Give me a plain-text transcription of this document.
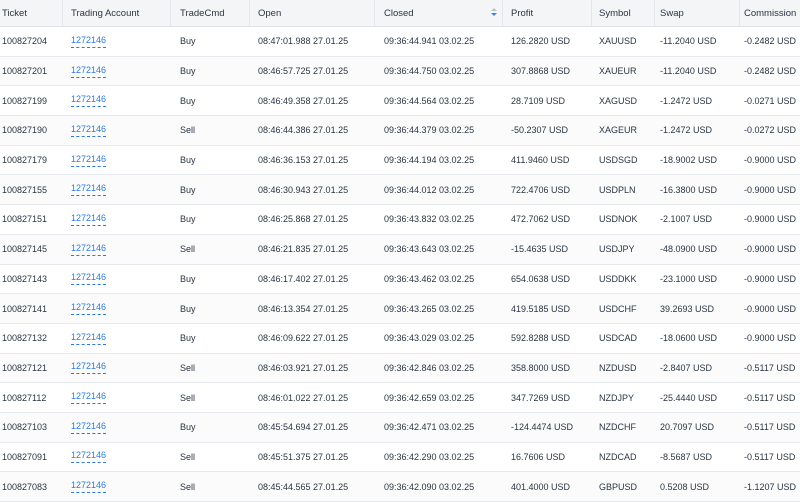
Ticket	Trading Account	TradeCmd	Open	Closed	Profit	Symbol	Swap	Commission
100827204	1272146	Buy	08:47:01.988 27.01.25	09:36:44.941 03.02.25	126.2820 USD	XAUUSD	-11.2040 USD	-0.2482 USD
100827201	1272146	Buy	08:46:57.725 27.01.25	09:36:44.750 03.02.25	307.8868 USD	XAUEUR	-11.2040 USD	-0.2482 USD
100827199	1272146	Buy	08:46:49.358 27.01.25	09:36:44.564 03.02.25	28.7109 USD	XAGUSD	-1.2472 USD	-0.0271 USD
100827190	1272146	Sell	08:46:44.386 27.01.25	09:36:44.379 03.02.25	-50.2307 USD	XAGEUR	-1.2472 USD	-0.0272 USD
100827179	1272146	Buy	08:46:36.153 27.01.25	09:36:44.194 03.02.25	411.9460 USD	USDSGD -18.9002 USD	-0.9000 USD
100827155	1272146	Buy	08:46:30.943 27.01.25	09:36:44.012 03.02.25	722.4706 USD	USDPLN	-16.3800 USD	-0.9000 USD
100827151	1272146	Buy	08:46:25.868 27.01.25	09:36:43.832 03.02.25	472.7062 USD	USDNOK -2.1007 USD	-0.9000 USD
100827145	1272146	Sell	08:46:21.835 27.01.25	09:36:43.643 03.02.25	-15.4635 USD	USDJPY	-48.0900 USD	-0.9000 USD
100827143	1272146	Buy	08:46:17.402 27.01.25	09:36:43.462 03.02.25	654.0638 USD	USDDKK	-23.1000 USD	-0.9000 USD
100827141	1272146	Buy	08:46:13.354 27.01.25	09:36:43.265 03.02.25	419.5185 USD	USDCHF	39.2693 USD	-0.9000 USD
100827132	1272146	Buy	08:46:09.622 27.01.25	09:36:43.029 03.02.25	592.8288 USD	USDCAD	-18.0600 USD	-0.9000 USD
100827121	1272146	Sell	08:46:03.921 27.01.25	09:36:42.846 03.02.25	358.8000 USD	NZDUSD	-2.8407 USD	-0.5117 USD
100827112	1272146	Sell	08:46:01.022 27.01.25	09:36:42.659 03.02.25	347.7269 USD	NZDJPY	-25.4440 USD	-0.5117 USD
100827103	1272146	Buy	08:45:54.694 27.01.25	09:36:42.471 03.02.25	-124.4474 USD	NZDCHF	20.7097 USD	-0.5117 USD
100827091	1272146	Sell	08:45:51.375 27.01.25	09:36:42.290 03.02.25	16.7606 USD	NZDCAD	-8.5687 USD	-0.5117 USD
100827083	1272146	Sell	08:45:44.565 27.01.25	09:36:42.090 03.02.25	401.4000 USD	GBPUSD	0.5208 USD	-1.1207 USD
